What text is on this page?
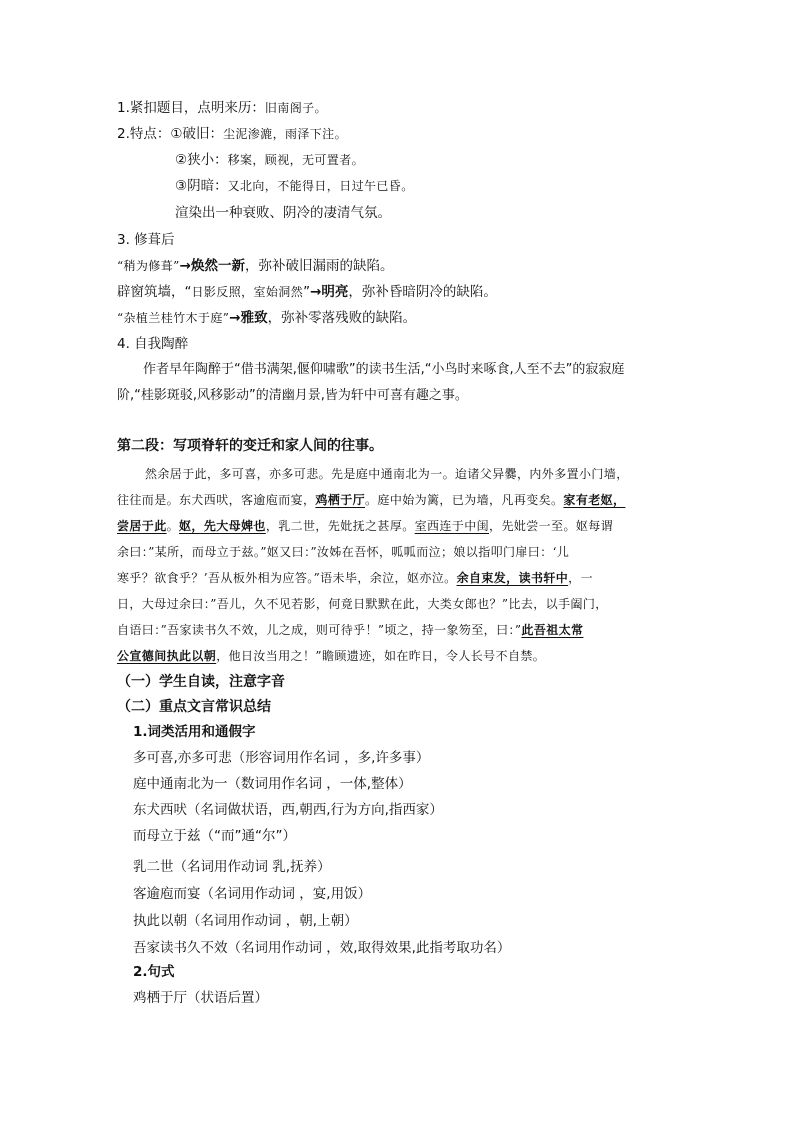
1.紧扣题目，点明来历：旧南阁子。
2.特点：①破旧：尘泥渗漉，雨泽下注。
②狭小：移案，顾视，无可置者。
③阴暗：又北向，不能得日，日过午已昏。
渲染出一种衰败、阴冷的凄清气氛。
3. 修葺后
“稍为修葺”→焕然一新，弥补破旧漏雨的缺陷。
辟窗筑墙，“日影反照，室始洞然”→明亮，弥补昏暗阴冷的缺陷。
“杂植兰桂竹木于庭”→雅致，弥补零落残败的缺陷。
4. 自我陶醉
作者早年陶醉于“借书满架,偃仰啸歌”的读书生活,“小鸟时来啄食,人至不去”的寂寂庭
阶,“桂影斑驳,风移影动”的清幽月景,皆为轩中可喜有趣之事。
第二段：写项脊轩的变迁和家人间的往事。
然余居于此，多可喜，亦多可悲。先是庭中通南北为一。迨诸父异爨，内外多置小门墙，
往往而是。东犬西吠，客逾庖而宴，鸡栖于厅。庭中始为篱，已为墙，凡再变矣。家有老妪，
尝居于此。妪，先大母婢也，乳二世，先妣抚之甚厚。室西连于中闺，先妣尝一至。妪每谓
余曰：”某所，而母立于兹。”妪又曰：”汝姊在吾怀，呱呱而泣；娘以指叩门扉曰：‘儿
寒乎？欲食乎？’吾从板外相为应答。”语未毕，余泣，妪亦泣。余自束发，读书轩中，一
日，大母过余曰：”吾儿，久不见若影，何竟日默默在此，大类女郎也？”比去，以手阖门，
自语曰：”吾家读书久不效，儿之成，则可待乎！”顷之，持一象笏至，曰：”此吾祖太常
公宣德间执此以朝，他日汝当用之！”瞻顾遗迹，如在昨日，令人长号不自禁。
（一）学生自读，注意字音
（二）重点文言常识总结
1.词类活用和通假字
多可喜,亦多可悲（形容词用作名词 ，多,许多事）
庭中通南北为一（数词用作名词 ，一体,整体）
东犬西吠（名词做状语，西,朝西,行为方向,指西家）
而母立于兹（“而”通“尔”）
乳二世（名词用作动词 乳,抚养）
客逾庖而宴（名词用作动词 ，宴,用饭）
执此以朝（名词用作动词 ，朝,上朝）
吾家读书久不效（名词用作动词 ，效,取得效果,此指考取功名）
2.句式
鸡栖于厅（状语后置）
